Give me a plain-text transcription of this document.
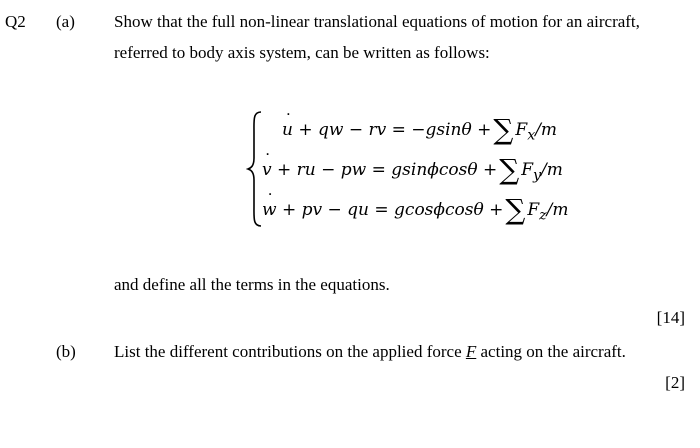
Q2 (a) Show that the full non-linear translational equations of motion for an aircraft,
referred to body axis system, can be written as follows:
˙ u + qw − rv = −gsinθ +∑ $F_x/m$
˙ v + ru − pw = gsinϕcosθ +∑ $F_y/m$
˙ w + pv − qu = gcosϕcosθ +∑ $F_z/m$
and define all the terms in the equations.
[14]
(b) List the different contributions on the applied force F acting on the aircraft.
[2]
